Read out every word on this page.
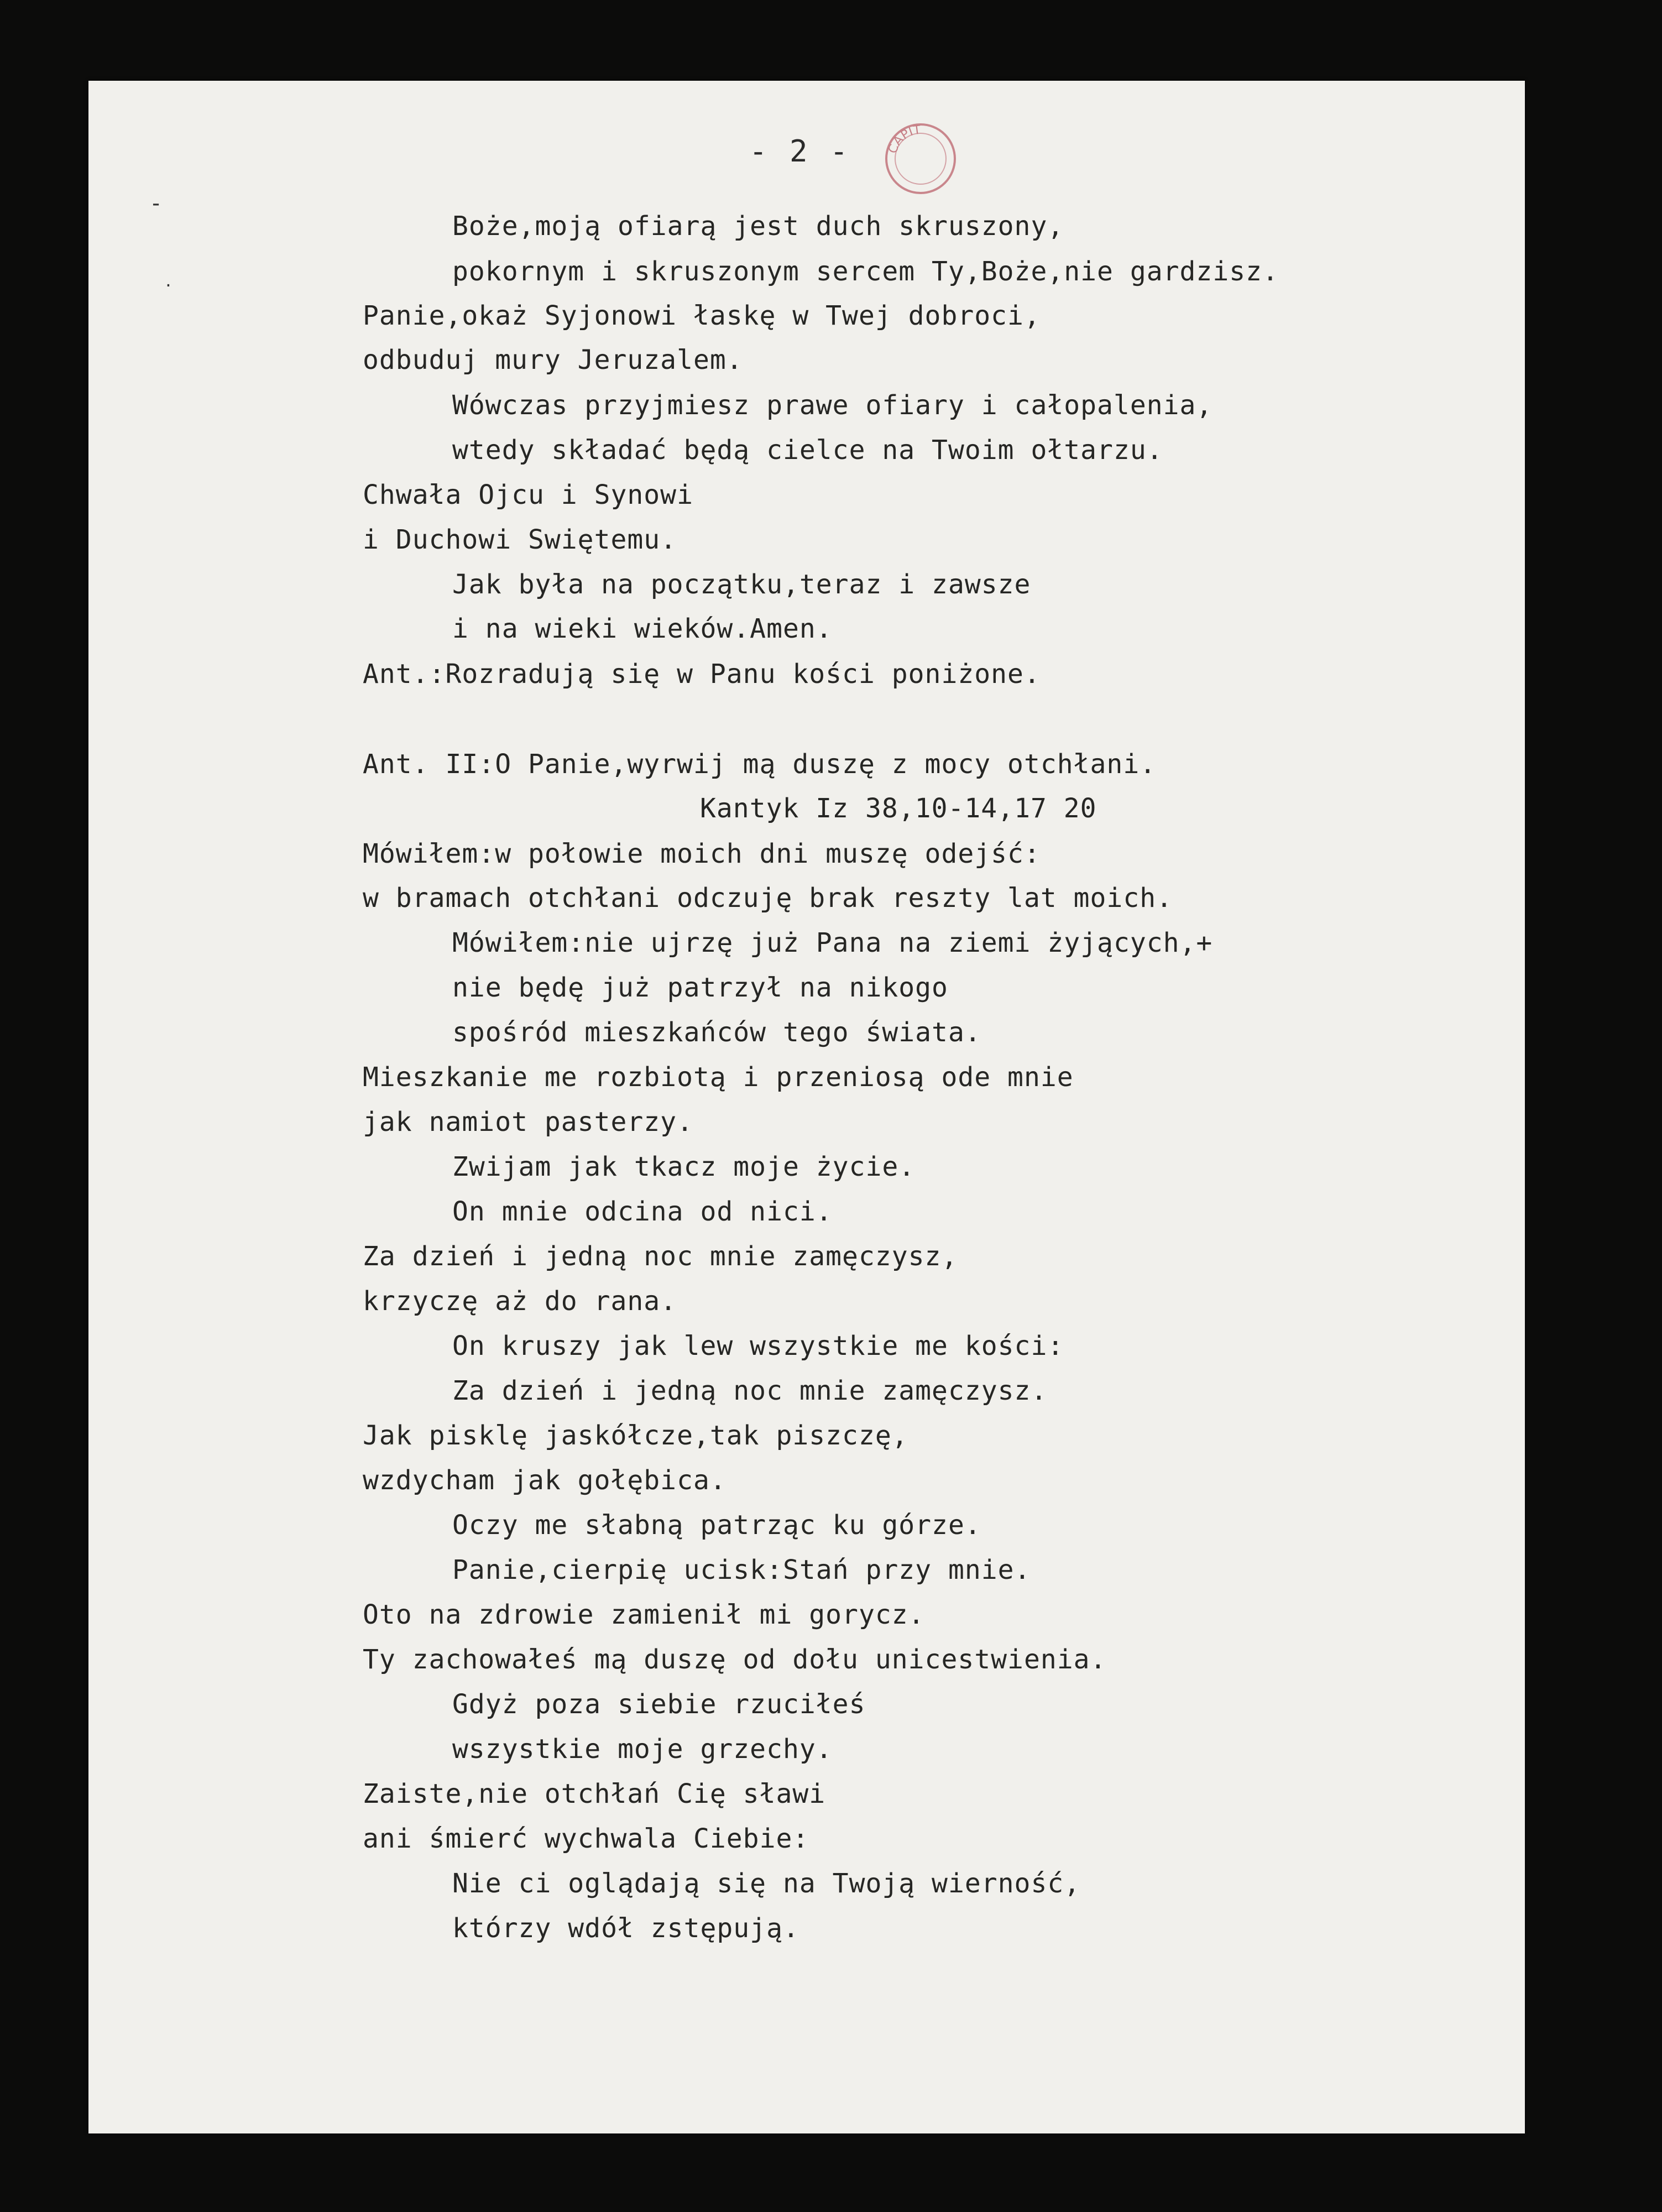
- 2 -	CAPIT
-
.
Boże,moją ofiarą jest duch skruszony,
pokornym i skruszonym sercem Ty,Boże,nie gardzisz.
Panie,okaż Syjonowi łaskę w Twej dobroci,
odbuduj mury Jeruzalem.
Wówczas przyjmiesz prawe ofiary i całopalenia,
wtedy składać będą cielce na Twoim ołtarzu.
Chwała Ojcu i Synowi
i Duchowi Swiętemu.
Jak była na początku,teraz i zawsze
i na wieki wieków.Amen.
Ant.:Rozradują się w Panu kości poniżone.
Ant. II:O Panie,wyrwij mą duszę z mocy otchłani.
Kantyk Iz 38,10-14,17 20
Mówiłem:w połowie moich dni muszę odejść:
w bramach otchłani odczuję brak reszty lat moich.
Mówiłem:nie ujrzę już Pana na ziemi żyjących,+
nie będę już patrzył na nikogo
spośród mieszkańców tego świata.
Mieszkanie me rozbiotą i przeniosą ode mnie
jak namiot pasterzy.
Zwijam jak tkacz moje życie.
On mnie odcina od nici.
Za dzień i jedną noc mnie zamęczysz,
krzyczę aż do rana.
On kruszy jak lew wszystkie me kości:
Za dzień i jedną noc mnie zamęczysz.
Jak pisklę jaskółcze,tak piszczę,
wzdycham jak gołębica.
Oczy me słabną patrząc ku górze.
Panie,cierpię ucisk:Stań przy mnie.
Oto na zdrowie zamienił mi gorycz.
Ty zachowałeś mą duszę od dołu unicestwienia.
Gdyż poza siebie rzuciłeś
wszystkie moje grzechy.
Zaiste,nie otchłań Cię sławi
ani śmierć wychwala Ciebie:
Nie ci oglądają się na Twoją wierność,
którzy wdół zstępują.
